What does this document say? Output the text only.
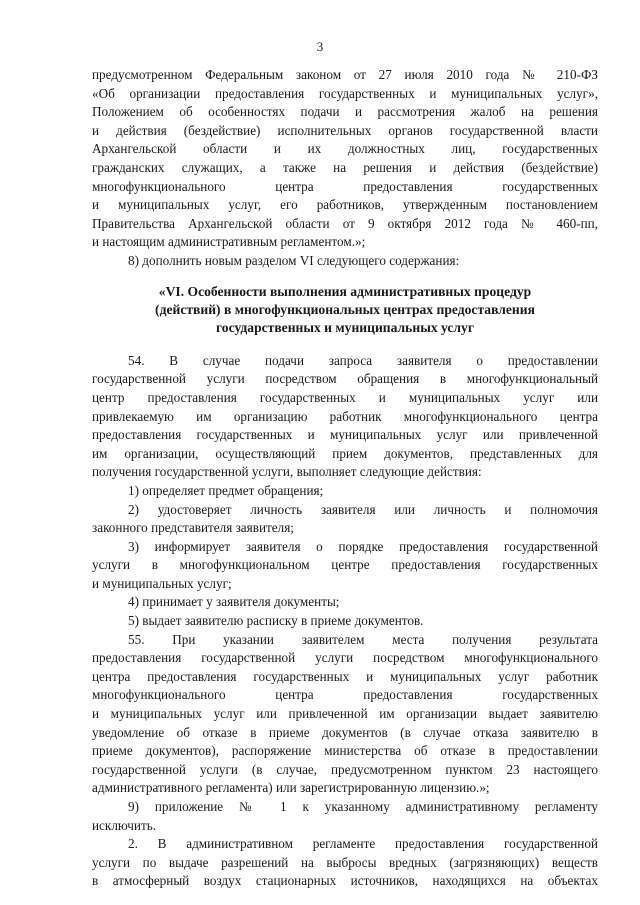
3
предусмотренном Федеральным законом от 27 июля 2010 года № 210-ФЗ
«Об организации предоставления государственных и муниципальных услуг»,
Положением об особенностях подачи и рассмотрения жалоб на решения
и действия (бездействие) исполнительных органов государственной власти
Архангельской области и их должностных лиц, государственных
гражданских служащих, а также на решения и действия (бездействие)
многофункционального центра предоставления государственных
и муниципальных услуг, его работников, утвержденным постановлением
Правительства Архангельской области от 9 октября 2012 года № 460-пп,
и настоящим административным регламентом.»;
8) дополнить новым разделом VI следующего содержания:
«VI. Особенности выполнения административных процедур
(действий) в многофункциональных центрах предоставления
государственных и муниципальных услуг
54. В случае подачи запроса заявителя о предоставлении
государственной услуги посредством обращения в многофункциональный
центр предоставления государственных и муниципальных услуг или
привлекаемую им организацию работник многофункционального центра
предоставления государственных и муниципальных услуг или привлеченной
им организации, осуществляющий прием документов, представленных для
получения государственной услуги, выполняет следующие действия:
1) определяет предмет обращения;
2) удостоверяет личность заявителя или личность и полномочия
законного представителя заявителя;
3) информирует заявителя о порядке предоставления государственной
услуги в многофункциональном центре предоставления государственных
и муниципальных услуг;
4) принимает у заявителя документы;
5) выдает заявителю расписку в приеме документов.
55. При указании заявителем места получения результата
предоставления государственной услуги посредством многофункционального
центра предоставления государственных и муниципальных услуг работник
многофункционального центра предоставления государственных
и муниципальных услуг или привлеченной им организации выдает заявителю
уведомление об отказе в приеме документов (в случае отказа заявителю в
приеме документов), распоряжение министерства об отказе в предоставлении
государственной услуги (в случае, предусмотренном пунктом 23 настоящего
административного регламента) или зарегистрированную лицензию.»;
9) приложение № 1 к указанному административному регламенту
исключить.
2. В административном регламенте предоставления государственной
услуги по выдаче разрешений на выбросы вредных (загрязняющих) веществ
в атмосферный воздух стационарных источников, находящихся на объектах
